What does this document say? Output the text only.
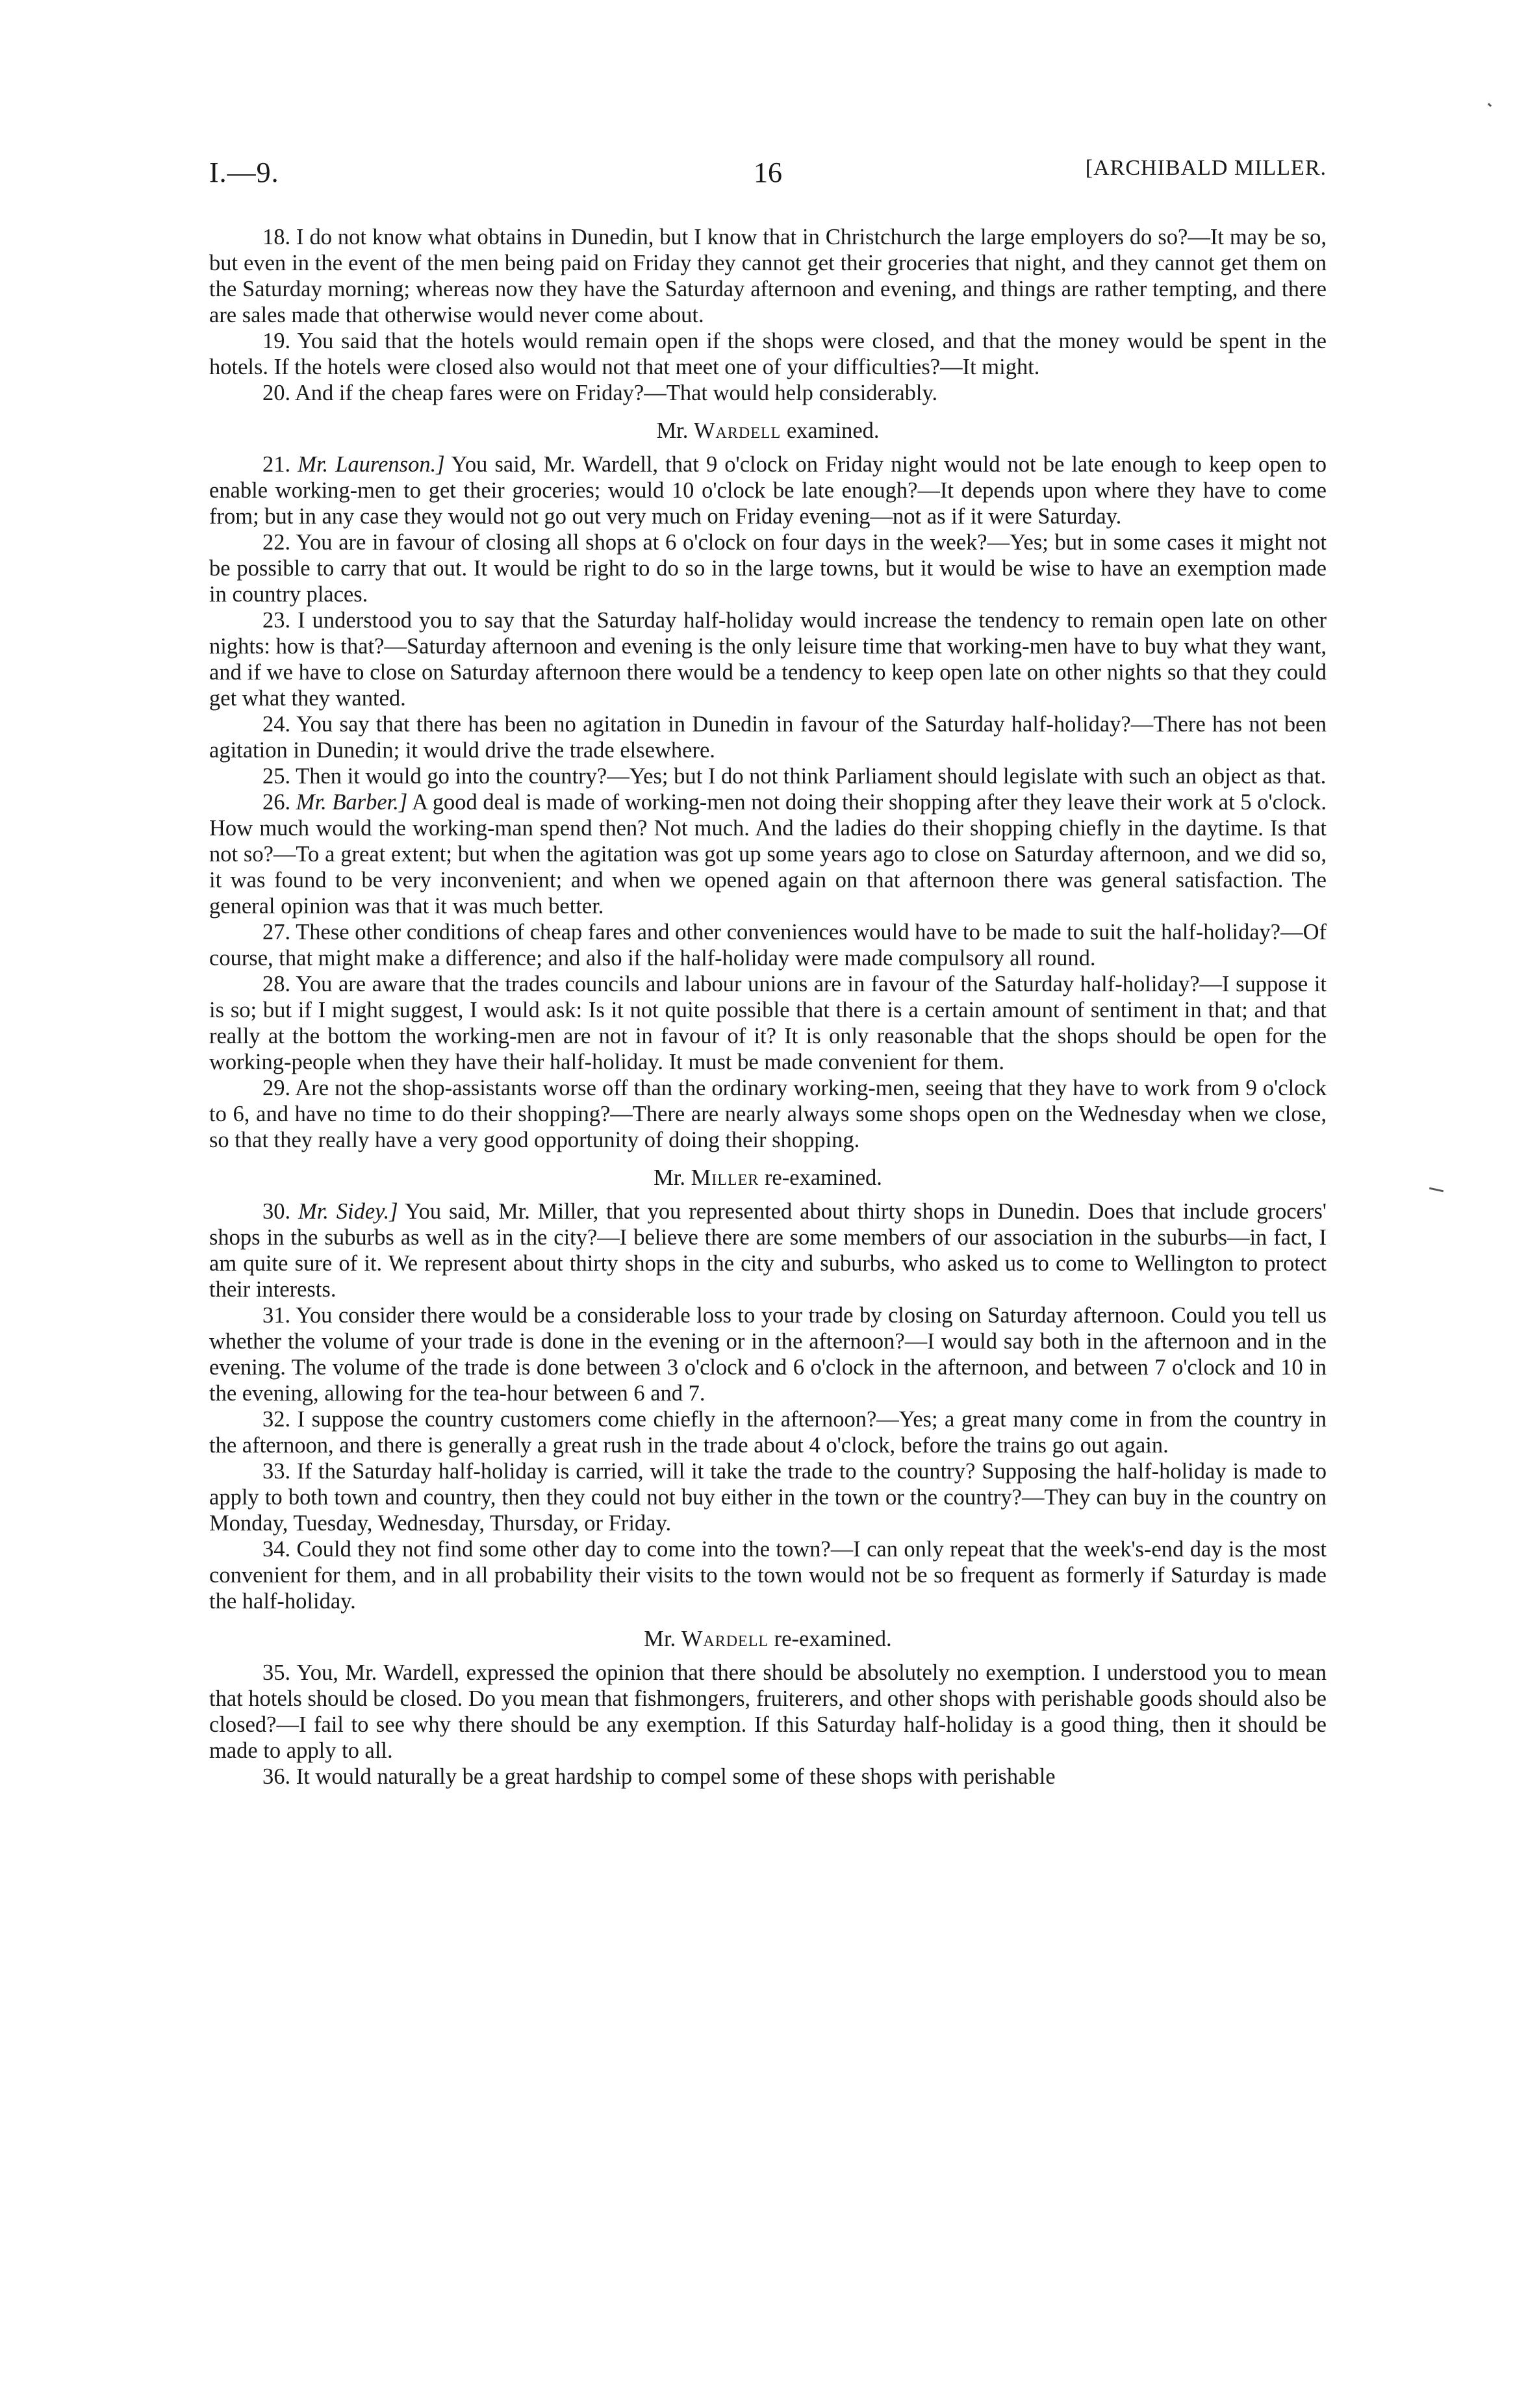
I.—9.	16	[ARCHIBALD MILLER.

18. I do not know what obtains in Dunedin, but I know that in Christchurch the large employers do so?—It may be so, but even in the event of the men being paid on Friday they cannot get their groceries that night, and they cannot get them on the Saturday morning; whereas now they have the Saturday afternoon and evening, and things are rather tempting, and there are sales made that otherwise would never come about.

19. You said that the hotels would remain open if the shops were closed, and that the money would be spent in the hotels. If the hotels were closed also would not that meet one of your difficulties?—It might.

20. And if the cheap fares were on Friday?—That would help considerably.

Mr. Wardell examined.

21. Mr. Laurenson.] You said, Mr. Wardell, that 9 o'clock on Friday night would not be late enough to keep open to enable working-men to get their groceries; would 10 o'clock be late enough?—It depends upon where they have to come from; but in any case they would not go out very much on Friday evening—not as if it were Saturday.

22. You are in favour of closing all shops at 6 o'clock on four days in the week?—Yes; but in some cases it might not be possible to carry that out. It would be right to do so in the large towns, but it would be wise to have an exemption made in country places.

23. I understood you to say that the Saturday half-holiday would increase the tendency to remain open late on other nights: how is that?—Saturday afternoon and evening is the only leisure time that working-men have to buy what they want, and if we have to close on Saturday afternoon there would be a tendency to keep open late on other nights so that they could get what they wanted.

24. You say that there has been no agitation in Dunedin in favour of the Saturday half-holiday?—There has not been agitation in Dunedin; it would drive the trade elsewhere.

25. Then it would go into the country?—Yes; but I do not think Parliament should legislate with such an object as that.

26. Mr. Barber.] A good deal is made of working-men not doing their shopping after they leave their work at 5 o'clock. How much would the working-man spend then? Not much. And the ladies do their shopping chiefly in the daytime. Is that not so?—To a great extent; but when the agitation was got up some years ago to close on Saturday afternoon, and we did so, it was found to be very inconvenient; and when we opened again on that afternoon there was general satisfaction. The general opinion was that it was much better.

27. These other conditions of cheap fares and other conveniences would have to be made to suit the half-holiday?—Of course, that might make a difference; and also if the half-holiday were made compulsory all round.

28. You are aware that the trades councils and labour unions are in favour of the Saturday half-holiday?—I suppose it is so; but if I might suggest, I would ask: Is it not quite possible that there is a certain amount of sentiment in that; and that really at the bottom the working-men are not in favour of it? It is only reasonable that the shops should be open for the working-people when they have their half-holiday. It must be made convenient for them.

29. Are not the shop-assistants worse off than the ordinary working-men, seeing that they have to work from 9 o'clock to 6, and have no time to do their shopping?—There are nearly always some shops open on the Wednesday when we close, so that they really have a very good opportunity of doing their shopping.

Mr. Miller re-examined.

30. Mr. Sidey.] You said, Mr. Miller, that you represented about thirty shops in Dunedin. Does that include grocers' shops in the suburbs as well as in the city?—I believe there are some members of our association in the suburbs—in fact, I am quite sure of it. We represent about thirty shops in the city and suburbs, who asked us to come to Wellington to protect their interests.

31. You consider there would be a considerable loss to your trade by closing on Saturday afternoon. Could you tell us whether the volume of your trade is done in the evening or in the afternoon?—I would say both in the afternoon and in the evening. The volume of the trade is done between 3 o'clock and 6 o'clock in the afternoon, and between 7 o'clock and 10 in the evening, allowing for the tea-hour between 6 and 7.

32. I suppose the country customers come chiefly in the afternoon?—Yes; a great many come in from the country in the afternoon, and there is generally a great rush in the trade about 4 o'clock, before the trains go out again.

33. If the Saturday half-holiday is carried, will it take the trade to the country? Supposing the half-holiday is made to apply to both town and country, then they could not buy either in the town or the country?—They can buy in the country on Monday, Tuesday, Wednesday, Thursday, or Friday.

34. Could they not find some other day to come into the town?—I can only repeat that the week's-end day is the most convenient for them, and in all probability their visits to the town would not be so frequent as formerly if Saturday is made the half-holiday.

Mr. Wardell re-examined.

35. You, Mr. Wardell, expressed the opinion that there should be absolutely no exemption. I understood you to mean that hotels should be closed. Do you mean that fishmongers, fruiterers, and other shops with perishable goods should also be closed?—I fail to see why there should be any exemption. If this Saturday half-holiday is a good thing, then it should be made to apply to all.

36. It would naturally be a great hardship to compel some of these shops with perishable
